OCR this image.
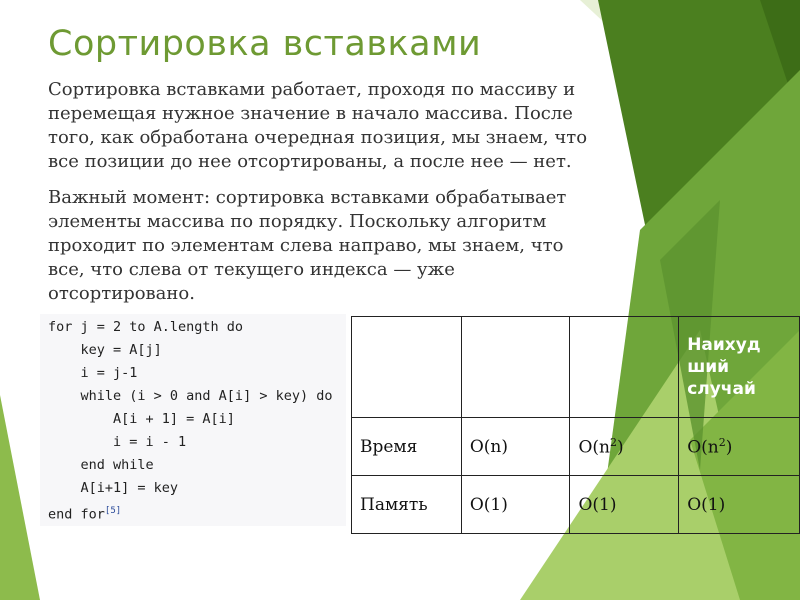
Сортировка вставками

Сортировка вставками работает, проходя по массиву и
перемещая нужное значение в начало массива. После
того, как обработана очередная позиция, мы знаем, что
все позиции до нее отсортированы, а после нее — нет.

Важный момент: сортировка вставками обрабатывает
элементы массива по порядку. Поскольку алгоритм
проходит по элементам слева направо, мы знаем, что
все, что слева от текущего индекса — уже
отсортировано.

for j = 2 to A.length do
key = A[j]
i = j-1
while (i > 0 and A[i] > key) do
A[i + 1] = A[i]
i = i - 1
end while
A[i+1] = key
end for[5]
			Наихуд
ший
случай
Время	O(n)	$O(n^2)$	$O(n^2)$
Память	O(1)	O(1)	O(1)
